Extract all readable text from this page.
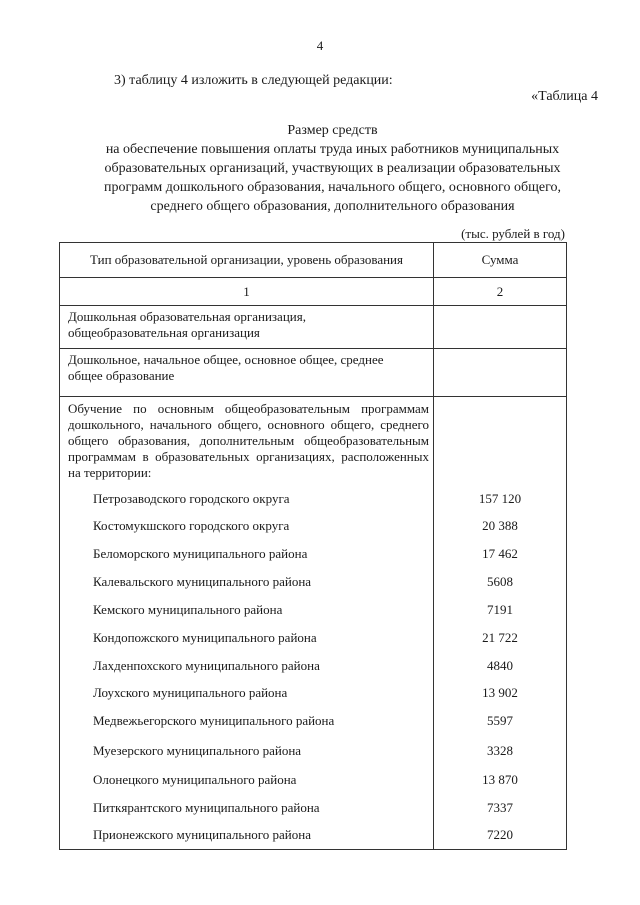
4
3) таблицу 4 изложить в следующей редакции:
«Таблица 4
Размер средств
на обеспечение повышения оплаты труда иных работников муниципальных
образовательных организаций, участвующих в реализации образовательных
программ дошкольного образования, начального общего, основного общего,
среднего общего образования, дополнительного образования
(тыс. рублей в год)
Тип образовательной организации, уровень образования	Сумма
1	2

Дошкольная образовательная организация,
общеобразовательная организация	

Дошкольное, начальное общее, основное общее, среднее
общее образование	

Обучение по основным общеобразовательным программам дошкольного, начального общего, основного общего, среднего общего образования, дополнительным общеобразовательным программам в образовательных организациях, расположенных на территории:	
Петрозаводского городского округа	157 120
Костомукшского городского округа	20 388
Беломорского муниципального района	17 462
Калевальского муниципального района	5608
Кемского муниципального района	7191
Кондопожского муниципального района	21 722
Лахденпохского муниципального района	4840
Лоухского муниципального района	13 902
Медвежьегорского муниципального района	5597
Муезерского муниципального района	3328
Олонецкого муниципального района	13 870
Питкярантского муниципального района	7337
Прионежского муниципального района	7220
